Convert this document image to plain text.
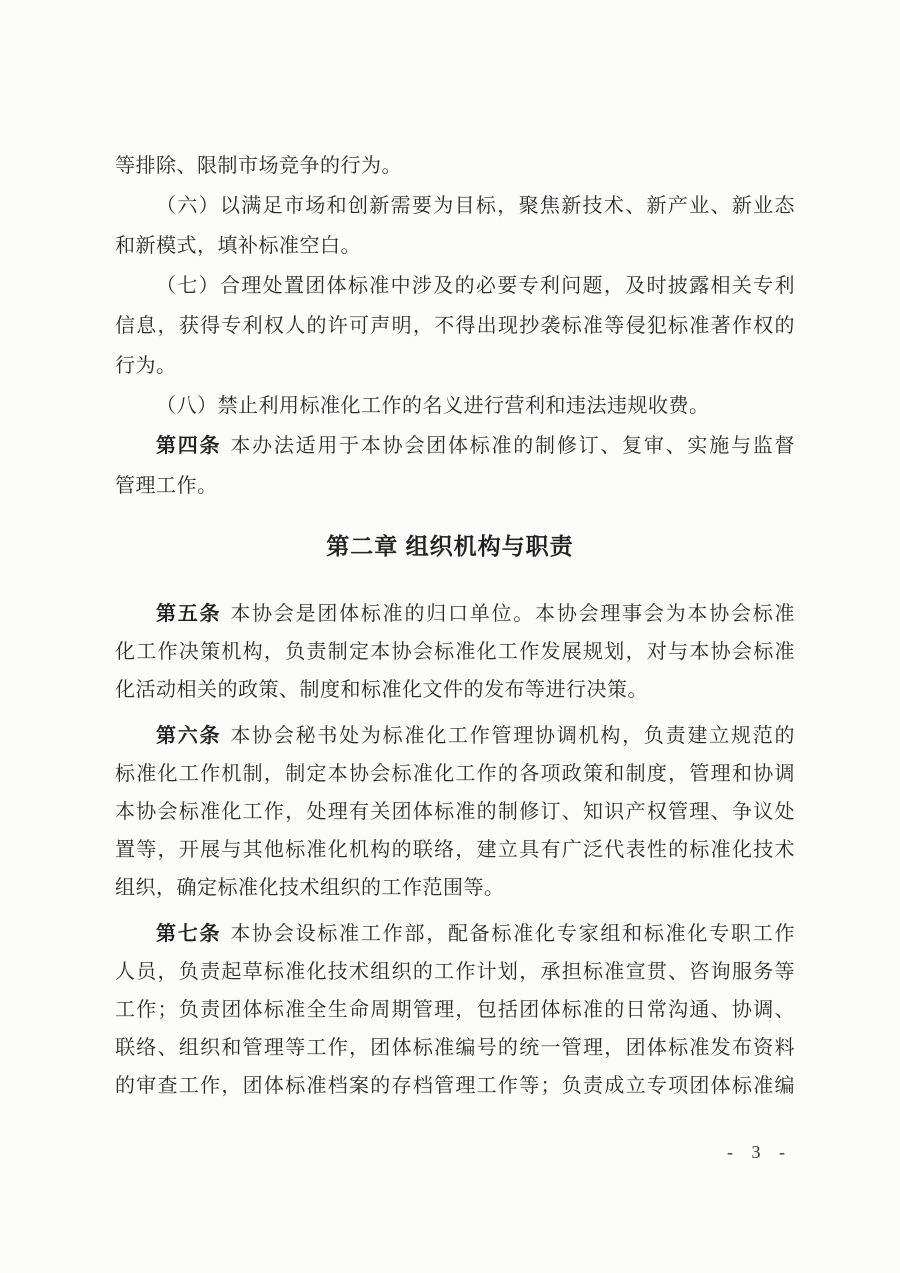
等排除、限制市场竞争的行为。
（六）以满足市场和创新需要为目标，聚焦新技术、新产业、新业态
和新模式，填补标准空白。
（七）合理处置团体标准中涉及的必要专利问题，及时披露相关专利
信息，获得专利权人的许可声明，不得出现抄袭标准等侵犯标准著作权的
行为。
（八）禁止利用标准化工作的名义进行营利和违法违规收费。
第四条 本办法适用于本协会团体标准的制修订、复审、实施与监督
管理工作。
第二章 组织机构与职责
第五条 本协会是团体标准的归口单位。本协会理事会为本协会标准
化工作决策机构，负责制定本协会标准化工作发展规划，对与本协会标准
化活动相关的政策、制度和标准化文件的发布等进行决策。
第六条 本协会秘书处为标准化工作管理协调机构，负责建立规范的
标准化工作机制，制定本协会标准化工作的各项政策和制度，管理和协调
本协会标准化工作，处理有关团体标准的制修订、知识产权管理、争议处
置等，开展与其他标准化机构的联络，建立具有广泛代表性的标准化技术
组织，确定标准化技术组织的工作范围等。
第七条 本协会设标准工作部，配备标准化专家组和标准化专职工作
人员，负责起草标准化技术组织的工作计划，承担标准宣贯、咨询服务等
工作；负责团体标准全生命周期管理，包括团体标准的日常沟通、协调、
联络、组织和管理等工作，团体标准编号的统一管理，团体标准发布资料
的审查工作，团体标准档案的存档管理工作等；负责成立专项团体标准编
- 3 -
